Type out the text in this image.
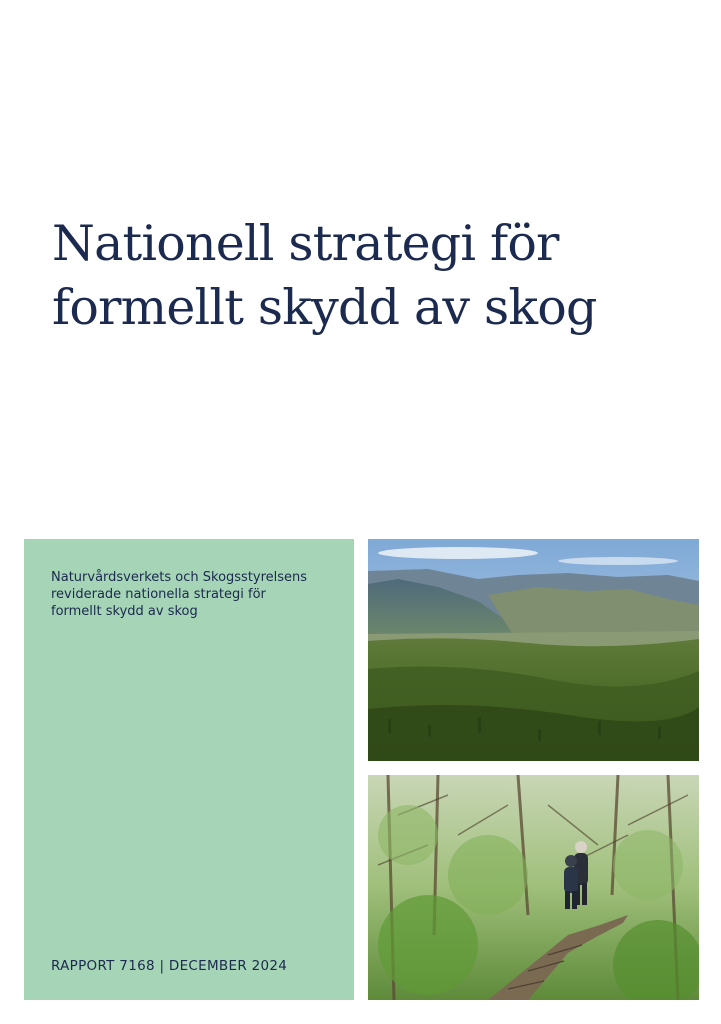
Nationell strategi för
formellt skydd av skog

Naturvårdsverkets och Skogsstyrelsens
reviderade nationella strategi för
formellt skydd av skog

RAPPORT 7168 | DECEMBER 2024
